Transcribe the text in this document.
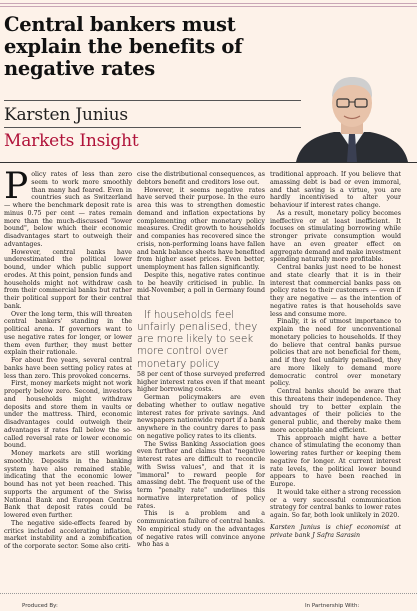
Central bankers must explain the benefits of negative rates
Karsten Junius
Markets Insight

Policy rates of less than zero seem to work more smoothly than many had feared. Even in countries such as Switzerland — where the benchmark deposit rate is minus 0.75 per cent — rates remain more than the much-discussed "lower bound", below which their economic disadvantages start to outweigh their advantages.

However, central banks have underestimated the political lower bound, under which public support erodes. At this point, pension funds and households might not withdraw cash from their commercial banks but rather their political support for their central bank.

Over the long term, this will threaten central bankers' standing in the political arena. If governors want to use negative rates for longer, or lower them even further, they must better explain their rationale.

For about five years, several central banks have been setting policy rates at less than zero. This provoked concerns.

First, money markets might not work properly below zero. Second, investors and households might withdraw deposits and store them in vaults or under the mattress. Third, economic disadvantages could outweigh their advantages if rates fall below the so-called reversal rate or lower economic bound.

Money markets are still working smoothly. Deposits in the banking system have also remained stable, indicating that the economic lower bound has not yet been reached. This supports the argument of the Swiss National Bank and European Central Bank that deposit rates could be lowered even further.

The negative side-effects feared by critics included accelerating inflation, market instability and a zombification of the corporate sector. Some also criti-

cise the distributional consequences, as debtors benefit and creditors lose out.

However, it seems negative rates have served their purpose. In the euro area this was to strengthen domestic demand and inflation expectations by complementing other monetary policy measures. Credit growth to households and companies has recovered since the crisis, non-performing loans have fallen and bank balance sheets have benefited from higher asset prices. Even better, unemployment has fallen significantly.

Despite this, negative rates continue to be heavily criticised in public. In mid-November, a poll in Germany found that

If households feel unfairly penalised, they are more likely to seek more control over monetary policy

58 per cent of those surveyed preferred higher interest rates even if that meant higher borrowing costs.

German policymakers are even debating whether to outlaw negative interest rates for private savings. And newspapers nationwide report if a bank anywhere in the country dares to pass on negative policy rates to its clients.

The Swiss Banking Association goes even further and claims that "negative interest rates are difficult to reconcile with Swiss values", and that it is "immoral" to reward people for amassing debt. The frequent use of the term "penalty rate" underlines this normative interpretation of policy rates.

This is a problem and a communication failure of central banks. No empirical study on the advantages of negative rates will convince anyone who has a

traditional approach. If you believe that amassing debt is bad or even immoral, and that saving is a virtue, you are hardly incentivised to alter your behaviour if interest rates change.

As a result, monetary policy becomes ineffective or at least inefficient. It focuses on stimulating borrowing while stronger private consumption would have an even greater effect on aggregate demand and make investment spending naturally more profitable.

Central banks just need to be honest and state clearly that it is in their interest that commercial banks pass on policy rates to their customers — even if they are negative — as the intention of negative rates is that households save less and consume more.

Finally, it is of utmost importance to explain the need for unconventional monetary policies to households. If they do believe that central banks pursue policies that are not beneficial for them, and if they feel unfairly penalised, they are more likely to demand more democratic control over monetary policy.

Central banks should be aware that this threatens their independence. They should try to better explain the advantages of their policies to the general public, and thereby make them more acceptable and efficient.

This approach might have a better chance of stimulating the economy than lowering rates further or keeping them negative for longer. At current interest rate levels, the political lower bound appears to have been reached in Europe.

It would take either a strong recession or a very successful communication strategy for central banks to lower rates again. So far, both look unlikely in 2020.

Karsten Junius is chief economist at private bank J Safra Sarasin

Produced By:	In Partnership With:
